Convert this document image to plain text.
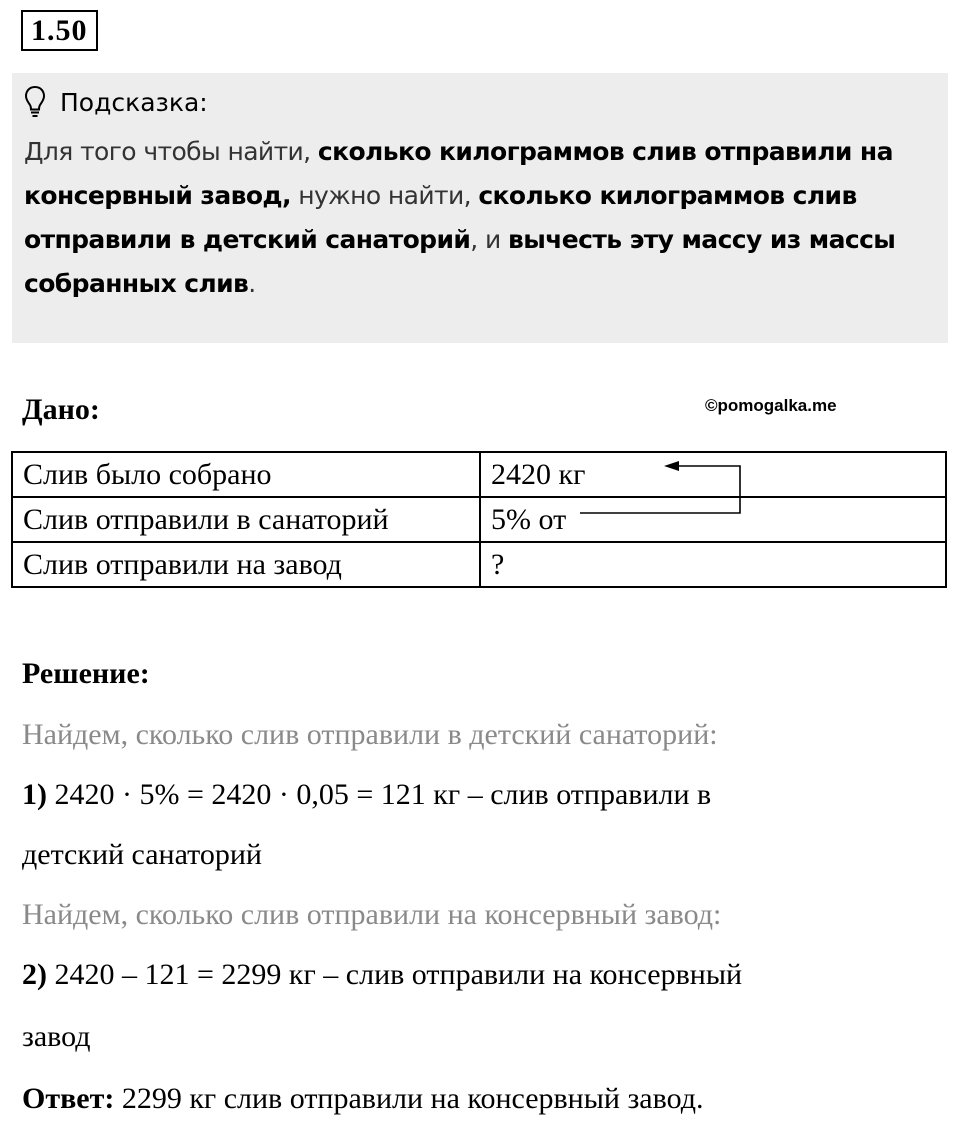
1.50
Подсказка:
Для того чтобы найти, сколько килограммов слив отправили на консервный завод, нужно найти, сколько килограммов слив отправили в детский санаторий, и вычесть эту массу из массы собранных слив.
Дано:	©pomogalka.me
Слив было собрано	2420 кг
Слив отправили в санаторий	5% от
Слив отправили на завод	?
Решение:
Найдем, сколько слив отправили в детский санаторий:
1) 2420 · 5% = 2420 · 0,05 = 121 кг – слив отправили в
детский санаторий
Найдем, сколько слив отправили на консервный завод:
2) 2420 – 121 = 2299 кг – слив отправили на консервный
завод
Ответ: 2299 кг слив отправили на консервный завод.
